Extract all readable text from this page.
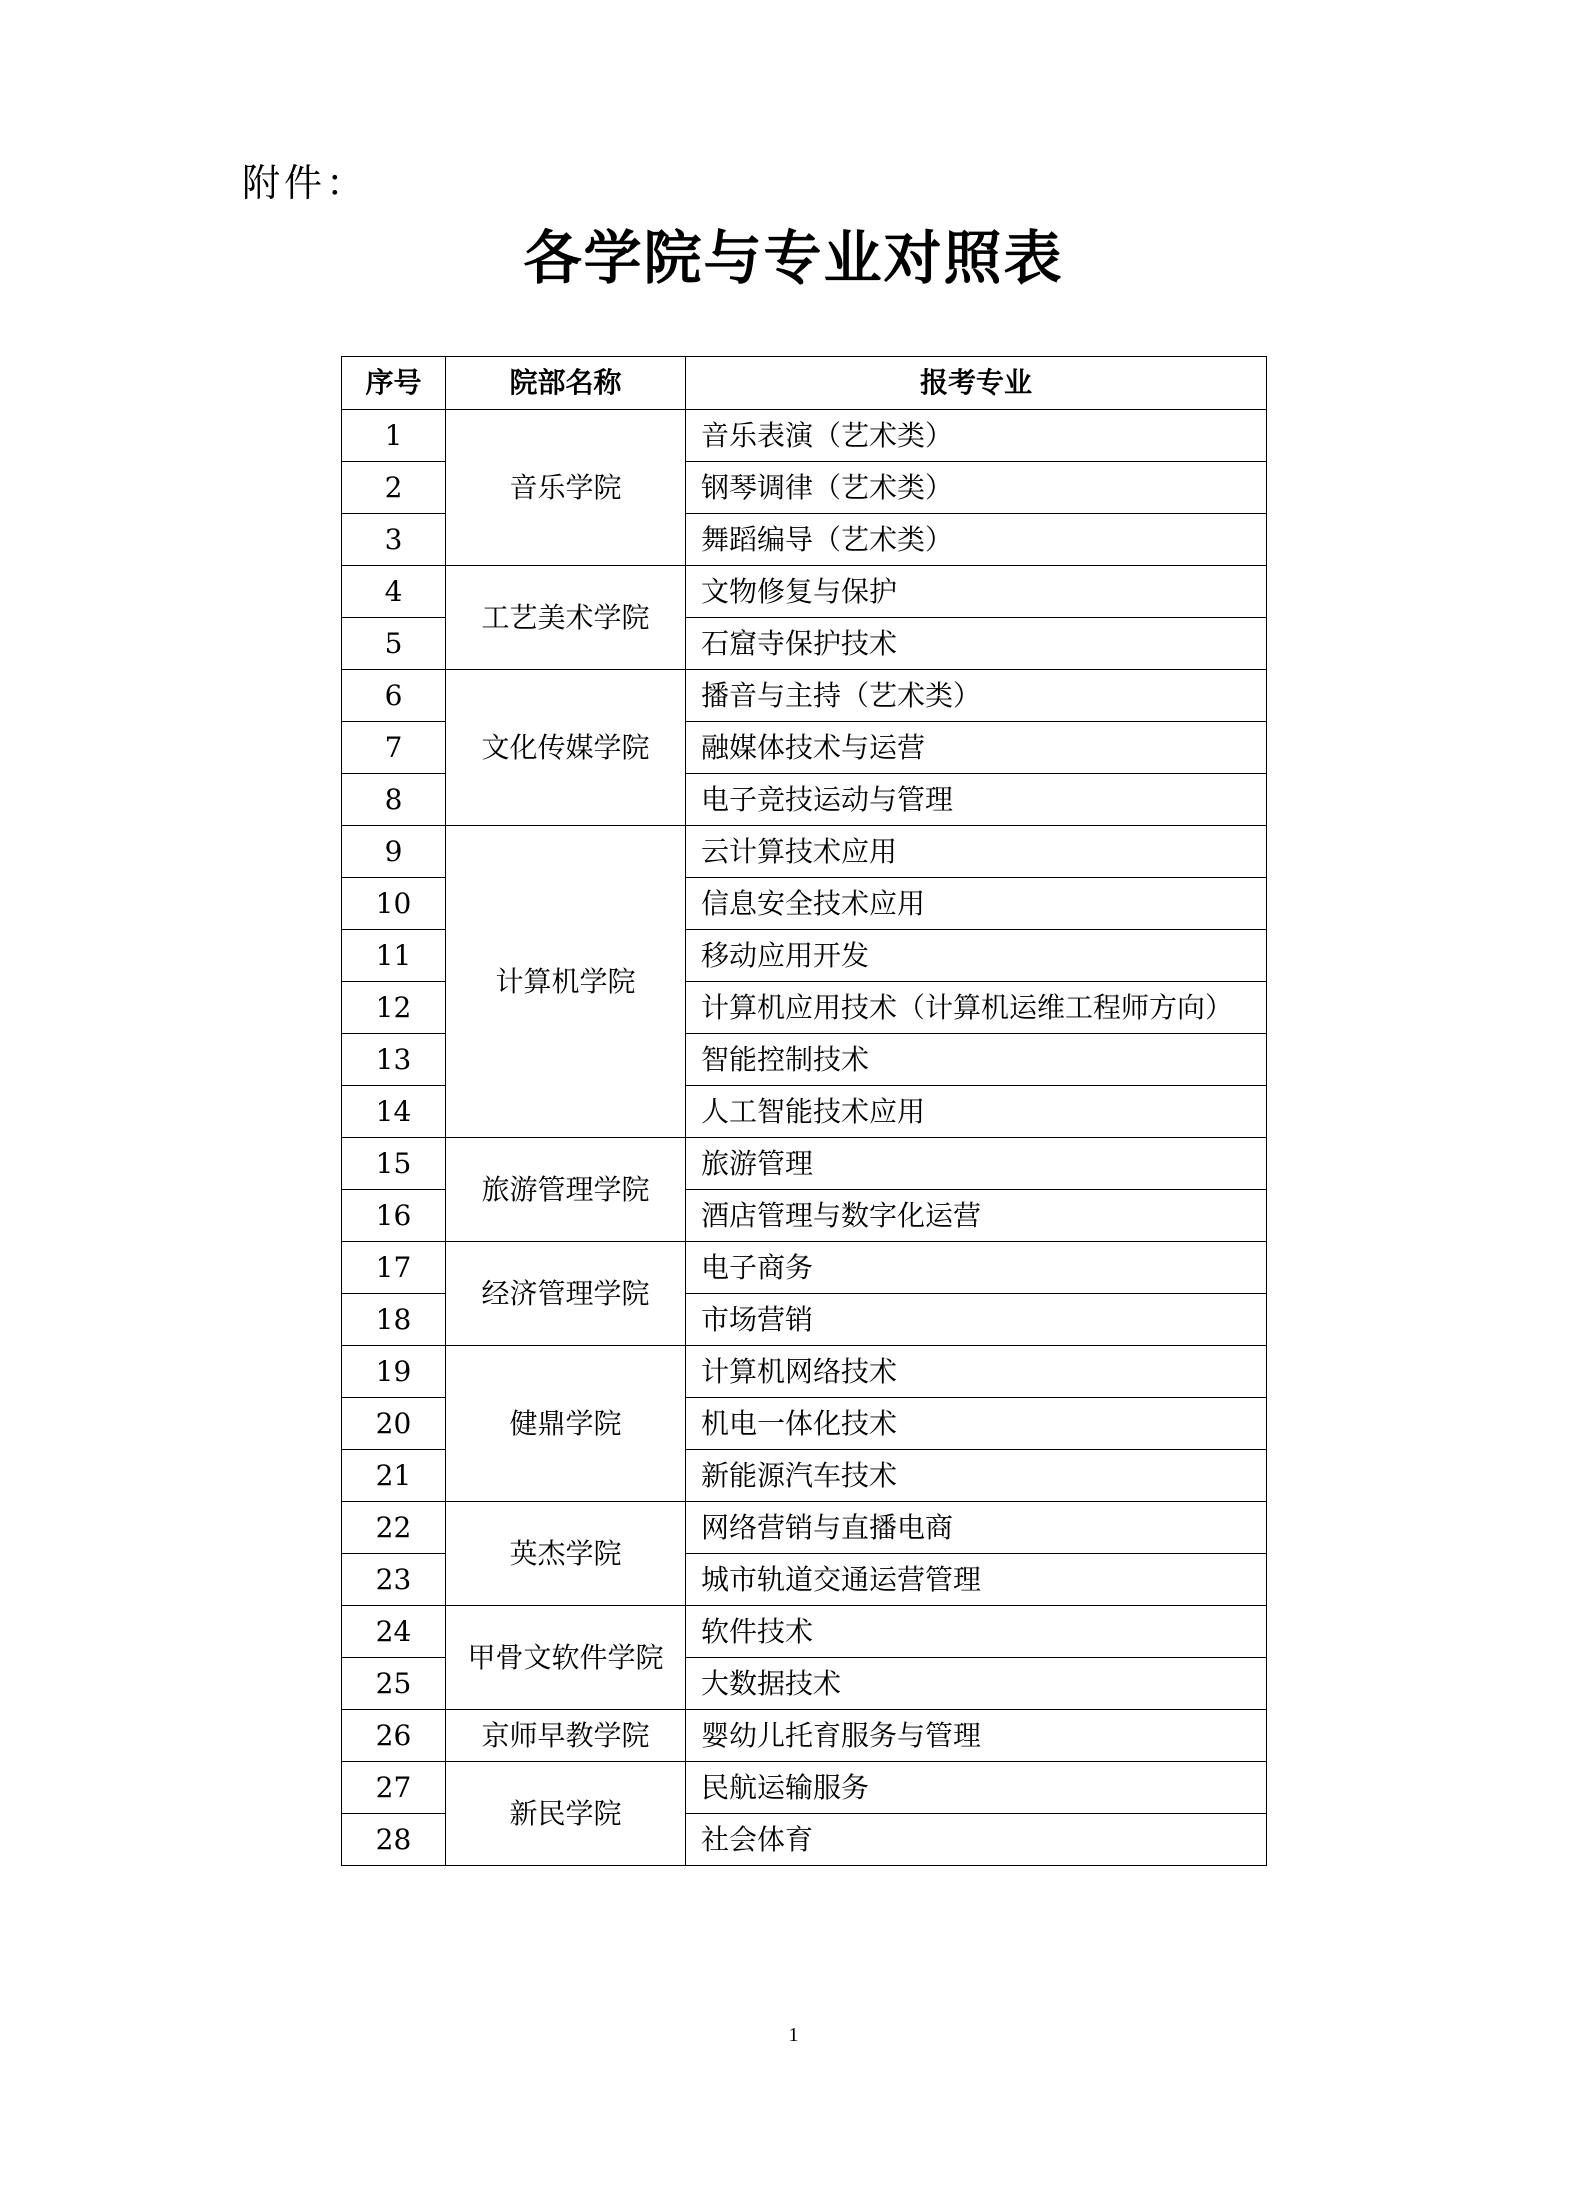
附件：
各学院与专业对照表
序号	院部名称	报考专业
1	音乐学院	音乐表演（艺术类）
2		钢琴调律（艺术类）
3		舞蹈编导（艺术类）
4	工艺美术学院	文物修复与保护
5		石窟寺保护技术
6	文化传媒学院	播音与主持（艺术类）
7		融媒体技术与运营
8		电子竞技运动与管理
9	计算机学院	云计算技术应用
10		信息安全技术应用
11		移动应用开发
12		计算机应用技术（计算机运维工程师方向）
13		智能控制技术
14		人工智能技术应用
15	旅游管理学院	旅游管理
16		酒店管理与数字化运营
17	经济管理学院	电子商务
18		市场营销
19	健鼎学院	计算机网络技术
20		机电一体化技术
21		新能源汽车技术
22	英杰学院	网络营销与直播电商
23		城市轨道交通运营管理
24	甲骨文软件学院	软件技术
25		大数据技术
26	京师早教学院	婴幼儿托育服务与管理
27	新民学院	民航运输服务
28		社会体育
1
